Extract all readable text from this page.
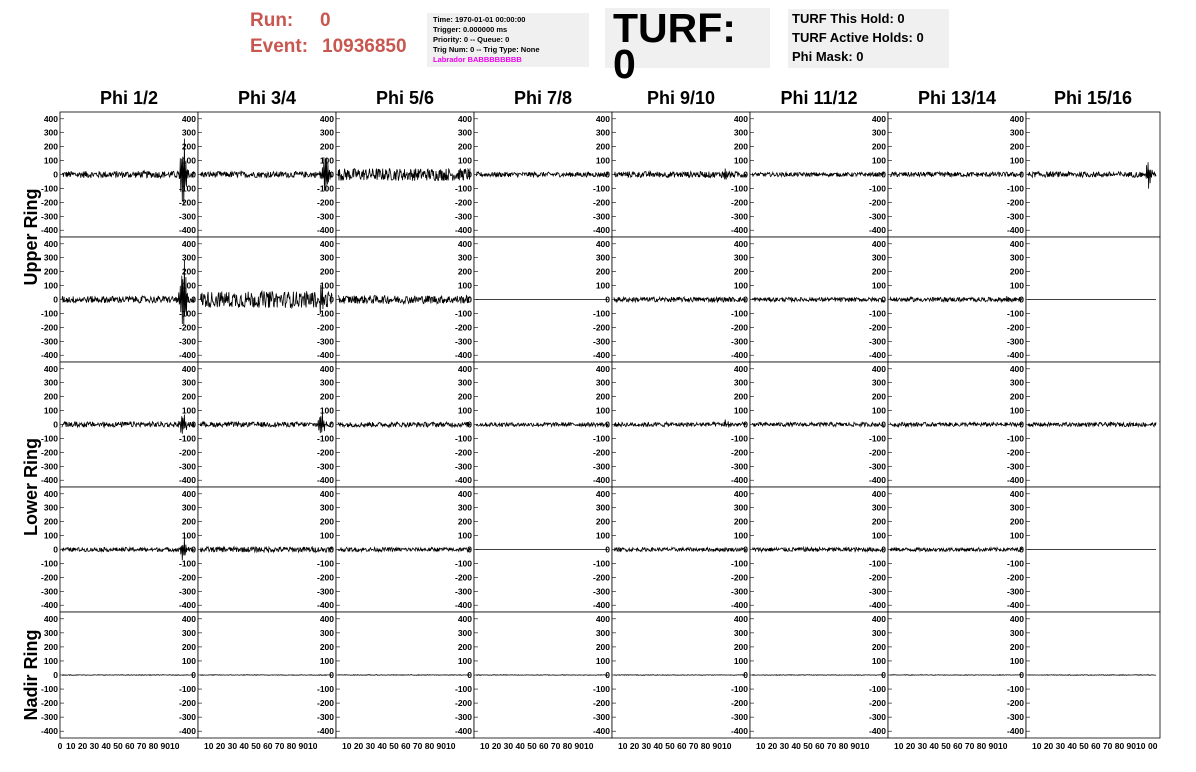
Run: 0
Event: 10936850
Time: 1970-01-01 00:00:00
Trigger: 0.000000 ms
Priority: 0 -- Queue: 0
Trig Num: 0 -- Trig Type: None
Labrador BABBBBBBBB
TURF: 0
TURF This Hold: 0
TURF Active Holds: 0
Phi Mask: 0
Phi 1/2	Phi 3/4	Phi 5/6	Phi 7/8	Phi 9/10	Phi 11/12	Phi 13/14	Phi 15/16
Upper Ring
Lower Ring
Nadir Ring
400
300
200
100
0
-100
-200
-300
-400
400
300
200
100
0
-100
-200
-300
-400
400
300
200
100
0
-100
-200
-300
-400
400
300
200
100
0
-100
-200
-300
-400
400
300
200
100
0
-100
-200
-300
-400
400
300
200
100
0
-100
-200
-300
-400
400
300
200
100
0
-100
-200
-300
-400
400
300
200
100
0
-100
-200
-300
-400
400
300
200
100
0
-100
-200
-300
-400
400
300
200
100
0
-100
-200
-300
-400
400
300
200
100
0
-100
-200
-300
-400
400
300
200
100
0
-100
-200
-300
-400
400
300
200
100
0
-100
-200
-300
-400
400
300
200
100
0
-100
-200
-300
-400
400
300
200
100
0
-100
-200
-300
-400
400
300
200
100
0
-100
-200
-300
-400
400
300
200
100
0
-100
-200
-300
-400
400
300
200
100
0
-100
-200
-300
-400
400
300
200
100
0
-100
-200
-300
-400
400
300
200
100
0
-100
-200
-300
-400
400
300
200
100
0
-100
-200
-300
-400
400
300
200
100
0
-100
-200
-300
-400
400
300
200
100
0
-100
-200
-300
-400
400
300
200
100
0
-100
-200
-300
-400
400
300
200
100
0
-100
-200
-300
-400
400
300
200
100
0
-100
-200
-300
-400
400
300
200
100
0
-100
-200
-300
-400
400
300
200
100
0
-100
-200
-300
-400
400
300
200
100
0
-100
-200
-300
-400
400
300
200
100
0
-100
-200
-300
-400
400
300
200
100
0
-100
-200
-300
-400
400
300
200
100
0
-100
-200
-300
-400
400
300
200
100
0
-100
-200
-300
-400
400
300
200
100
0
-100
-200
-300
-400
400
300
200
100
0
-100
-200
-300
-400
400
300
200
100
0
-100
-200
-300
-400
400
300
200
100
0
-100
-200
-300
-400
400
300
200
100
0
-100
-200
-300
-400
400
300
200
100
0
-100
-200
-300
-400
400
300
200
100
0
-100
-200
-300
-400
0 10 20 30 40 50 60 70 80 9010	10 20 30 40 50 60 70 80 9010	10 20 30 40 50 60 70 80 9010	10 20 30 40 50 60 70 80 9010	10 20 30 40 50 60 70 80 9010	10 20 30 40 50 60 70 80 9010	10 20 30 40 50 60 70 80 9010	10 20 30 40 50 60 70 80 9010 00
